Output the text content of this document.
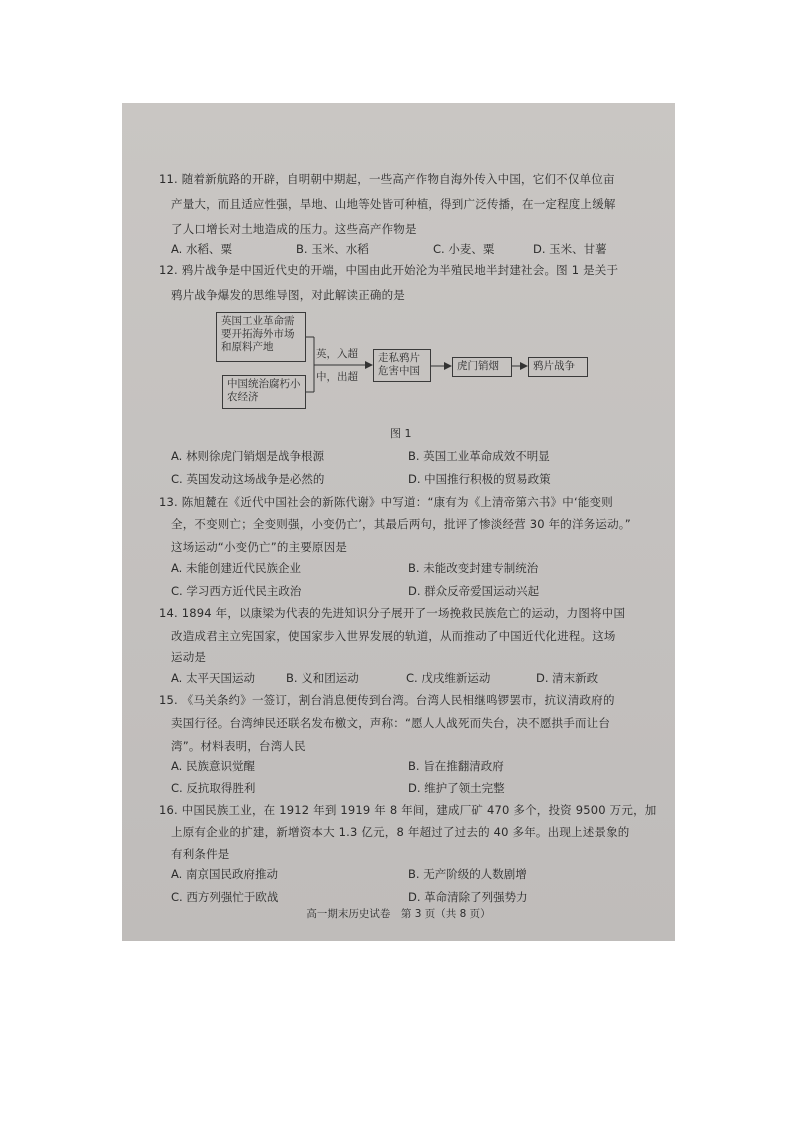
11. 随着新航路的开辟，自明朝中期起，一些高产作物自海外传入中国，它们不仅单位亩
产量大，而且适应性强，旱地、山地等处皆可种植，得到广泛传播，在一定程度上缓解
了人口增长对土地造成的压力。这些高产作物是
A. 水稻、粟	B. 玉米、水稻	C. 小麦、粟	D. 玉米、甘薯
12. 鸦片战争是中国近代史的开端，中国由此开始沦为半殖民地半封建社会。图 1 是关于
鸦片战争爆发的思维导图，对此解读正确的是
英国工业革命需要开拓海外市场和原料产地
中国统治腐朽小农经济
英，入超
中，出超
走私鸦片危害中国	虎门销烟	鸦片战争
图 1
A. 林则徐虎门销烟是战争根源	B. 英国工业革命成效不明显
C. 英国发动这场战争是必然的	D. 中国推行积极的贸易政策
13. 陈旭麓在《近代中国社会的新陈代谢》中写道：“康有为《上清帝第六书》中‘能变则
全，不变则亡；全变则强，小变仍亡’，其最后两句，批评了惨淡经营 30 年的洋务运动。”
这场运动“小变仍亡”的主要原因是
A. 未能创建近代民族企业	B. 未能改变封建专制统治
C. 学习西方近代民主政治	D. 群众反帝爱国运动兴起
14. 1894 年，以康梁为代表的先进知识分子展开了一场挽救民族危亡的运动，力图将中国
改造成君主立宪国家，使国家步入世界发展的轨道，从而推动了中国近代化进程。这场
运动是
A. 太平天国运动	B. 义和团运动	C. 戊戌维新运动	D. 清末新政
15. 《马关条约》一签订，割台消息便传到台湾。台湾人民相继鸣锣罢市，抗议清政府的
卖国行径。台湾绅民还联名发布檄文，声称：“愿人人战死而失台，决不愿拱手而让台
湾”。材料表明，台湾人民
A. 民族意识觉醒	B. 旨在推翻清政府
C. 反抗取得胜利	D. 维护了领土完整
16. 中国民族工业，在 1912 年到 1919 年 8 年间，建成厂矿 470 多个，投资 9500 万元，加
上原有企业的扩建，新增资本大 1.3 亿元，8 年超过了过去的 40 多年。出现上述景象的
有利条件是
A. 南京国民政府推动	B. 无产阶级的人数剧增
C. 西方列强忙于欧战	D. 革命清除了列强势力
高一期末历史试卷　第 3 页（共 8 页）
